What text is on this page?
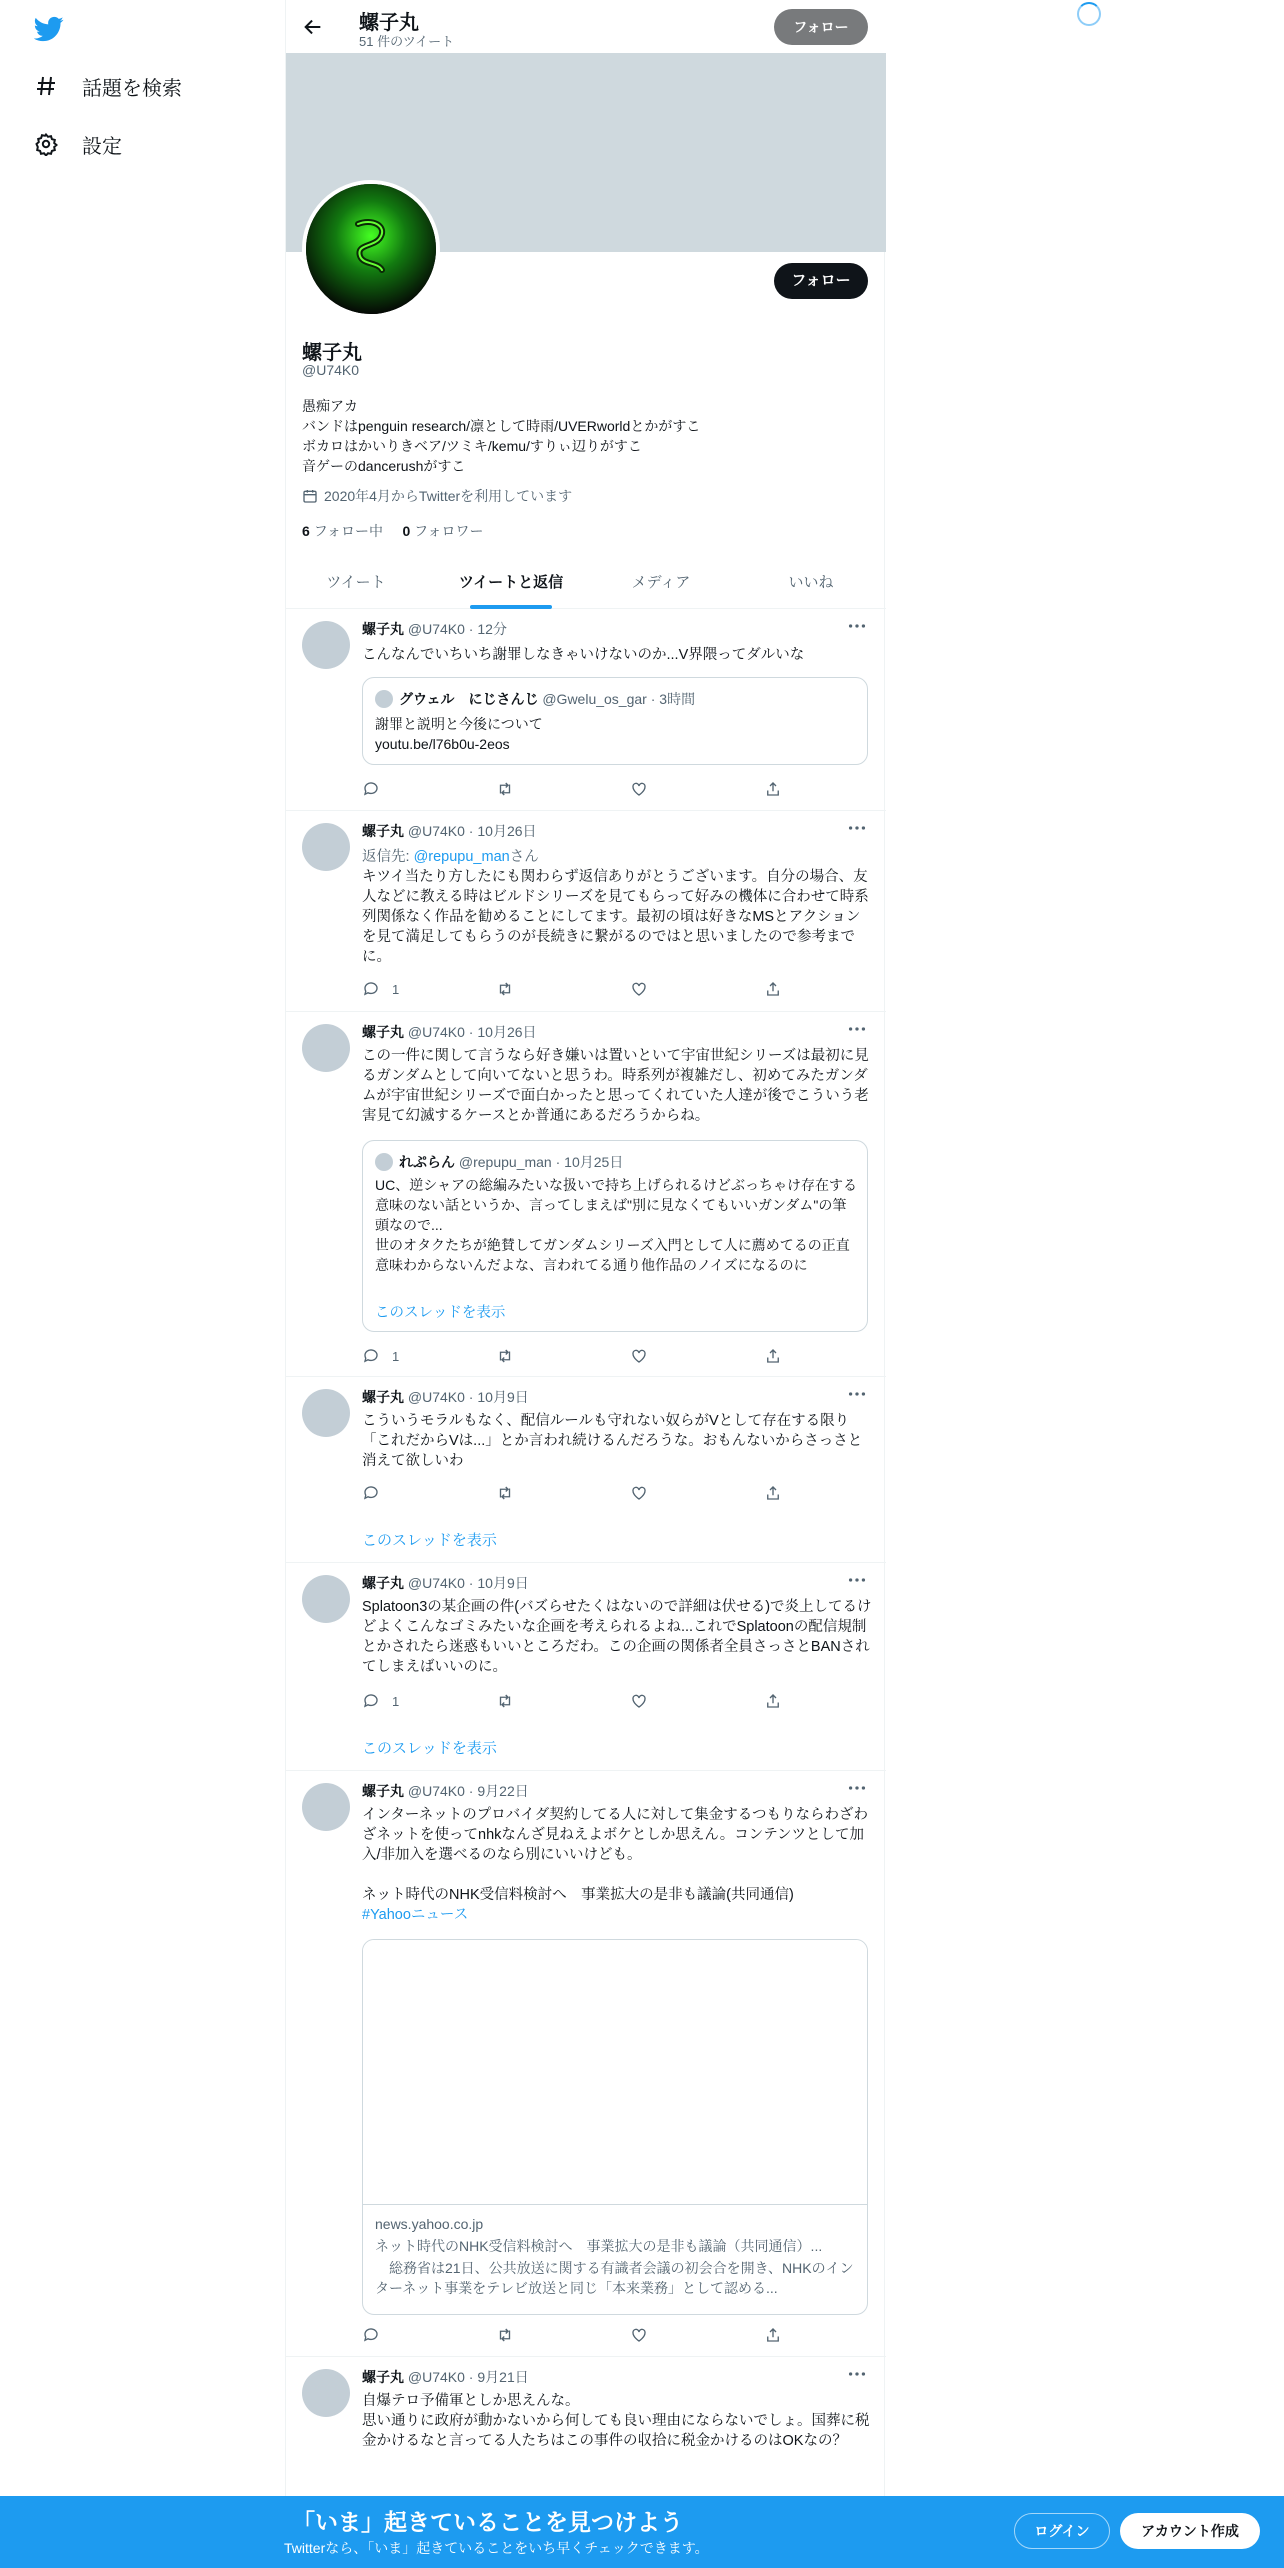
話題を検索
設定
螺子丸
51 件のツイート
フォロー
フォロー
螺子丸
@U74K0
愚痴アカ
バンドはpenguin research/凛として時雨/UVERworldとかがすこ
ボカロはかいりきベア/ツミキ/kemu/すりぃ辺りがすこ
音ゲーのdancerushがすこ
2020年4月からTwitterを利用しています
6 フォロー中 0 フォロワー
ツイート	ツイートと返信	メディア	いいね
螺子丸 @U74K0 · 12分
こんなんでいちいち謝罪しなきゃいけないのか...V界隈ってダルいな
グウェル　にじさんじ @Gwelu_os_gar · 3時間
謝罪と説明と今後について
youtu.be/l76b0u-2eos
螺子丸 @U74K0 · 10月26日
返信先: @repupu_manさん
キツイ当たり方したにも関わらず返信ありがとうございます。自分の場合、友人などに教える時はビルドシリーズを見てもらって好みの機体に合わせて時系列関係なく作品を勧めることにしてます。最初の頃は好きなMSとアクションを見て満足してもらうのが長続きに繋がるのではと思いましたので参考までに。
1
螺子丸 @U74K0 · 10月26日
この一件に関して言うなら好き嫌いは置いといて宇宙世紀シリーズは最初に見るガンダムとして向いてないと思うわ。時系列が複雑だし、初めてみたガンダムが宇宙世紀シリーズで面白かったと思ってくれていた人達が後でこういう老害見て幻滅するケースとか普通にあるだろうからね。
れぷらん @repupu_man · 10月25日
UC、逆シャアの総編みたいな扱いで持ち上げられるけどぶっちゃけ存在する意味のない話というか、言ってしまえば"別に見なくてもいいガンダム"の筆頭なので...
世のオタクたちが絶賛してガンダムシリーズ入門として人に薦めてるの正直意味わからないんだよな、言われてる通り他作品のノイズになるのに
このスレッドを表示
1
螺子丸 @U74K0 · 10月9日
こういうモラルもなく、配信ルールも守れない奴らがVとして存在する限り「これだからVは...」とか言われ続けるんだろうな。おもんないからさっさと消えて欲しいわ
このスレッドを表示
螺子丸 @U74K0 · 10月9日
Splatoon3の某企画の件(バズらせたくはないので詳細は伏せる)で炎上してるけどよくこんなゴミみたいな企画を考えられるよね...これでSplatoonの配信規制とかされたら迷惑もいいところだわ。この企画の関係者全員さっさとBANされてしまえばいいのに。
1
このスレッドを表示
螺子丸 @U74K0 · 9月22日
インターネットのプロバイダ契約してる人に対して集金するつもりならわざわざネットを使ってnhkなんざ見ねえよボケとしか思えん。コンテンツとして加入/非加入を選べるのなら別にいいけども。
ネット時代のNHK受信料検討へ　事業拡大の是非も議論(共同通信)
#Yahooニュース
news.yahoo.co.jp
ネット時代のNHK受信料検討へ　事業拡大の是非も議論（共同通信）...
　総務省は21日、公共放送に関する有識者会議の初会合を開き、NHKのインターネット事業をテレビ放送と同じ「本来業務」として認める...
螺子丸 @U74K0 · 9月21日
自爆テロ予備軍としか思えんな。
思い通りに政府が動かないから何しても良い理由にならないでしょ。国葬に税金かけるなと言ってる人たちはこの事件の収拾に税金かけるのはOKなの？
「いま」起きていることを見つけよう
Twitterなら、「いま」起きていることをいち早くチェックできます。
ログイン	アカウント作成
